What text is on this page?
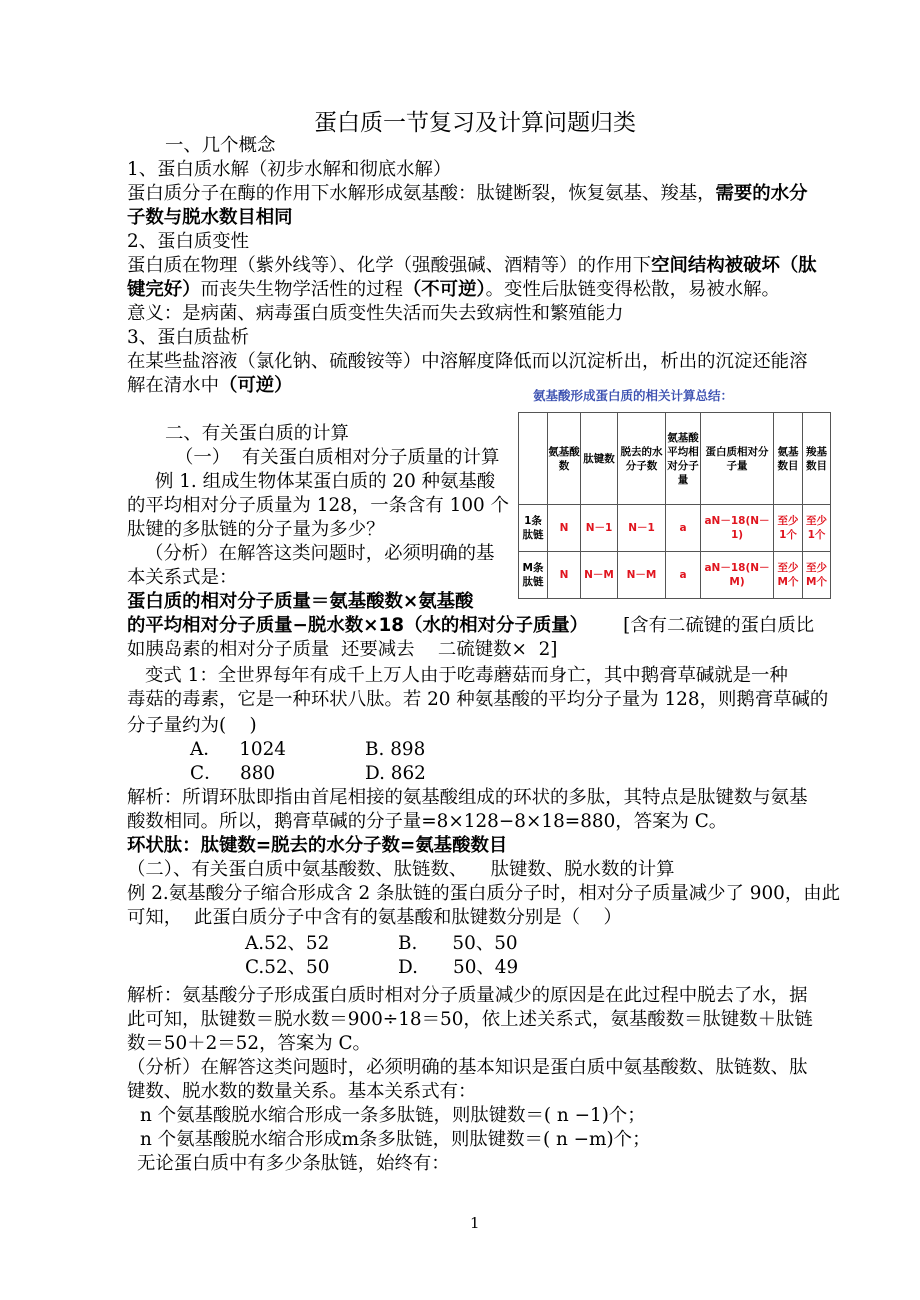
蛋白质一节复习及计算问题归类
一、几个概念
1、蛋白质水解（初步水解和彻底水解）
蛋白质分子在酶的作用下水解形成氨基酸：肽键断裂，恢复氨基、羧基，需要的水分
子数与脱水数目相同
2、蛋白质变性
蛋白质在物理（紫外线等）、化学（强酸强碱、酒精等）的作用下空间结构被破坏（肽
键完好）而丧失生物学活性的过程（不可逆）。变性后肽链变得松散，易被水解。
意义：是病菌、病毒蛋白质变性失活而失去致病性和繁殖能力
3、蛋白质盐析
在某些盐溶液（氯化钠、硫酸铵等）中溶解度降低而以沉淀析出，析出的沉淀还能溶
解在清水中（可逆）
二、有关蛋白质的计算
（一）  有关蛋白质相对分子质量的计算
例 1. 组成生物体某蛋白质的 20 种氨基酸
的平均相对分子质量为 128，一条含有 100 个
肽键的多肽链的分子量为多少？
（分析）在解答这类问题时，必须明确的基
本关系式是：
蛋白质的相对分子质量＝氨基酸数×氨基酸
的平均相对分子质量−脱水数×18（水的相对分子质量）      [含有二硫键的蛋白质比
如胰岛素的相对分子质量  还要减去    二硫键数×  2]
变式 1：全世界每年有成千上万人由于吃毒蘑菇而身亡，其中鹅膏草碱就是一种
毒菇的毒素，它是一种环状八肽。若 20 种氨基酸的平均分子量为 128，则鹅膏草碱的
分子量约为(    )
A．   1024	B. 898
C．   880	D. 862
解析：所谓环肽即指由首尾相接的氨基酸组成的环状的多肽，其特点是肽键数与氨基
酸数相同。所以，鹅膏草碱的分子量=8×128−8×18=880，答案为 C。
环状肽：肽键数=脱去的水分子数=氨基酸数目
（二）、有关蛋白质中氨基酸数、肽链数、    肽键数、脱水数的计算
例 2.氨基酸分子缩合形成含 2 条肽链的蛋白质分子时，相对分子质量减少了 900，由此
可知，  此蛋白质分子中含有的氨基酸和肽键数分别是（    ）
A.52、52	B.      50、50
C.52、50	D.      50、49
解析：氨基酸分子形成蛋白质时相对分子质量减少的原因是在此过程中脱去了水，据
此可知，肽键数＝脱水数＝900÷18＝50，依上述关系式，氨基酸数＝肽键数＋肽链
数＝50＋2＝52，答案为 C。
（分析）在解答这类问题时，必须明确的基本知识是蛋白质中氨基酸数、肽链数、肽
键数、脱水数的数量关系。基本关系式有：
n 个氨基酸脱水缩合形成一条多肽链，则肽键数＝( n −1)个；
n 个氨基酸脱水缩合形成m条多肽链，则肽键数＝( n −m)个；
无论蛋白质中有多少条肽链，始终有：
氨基酸形成蛋白质的相关计算总结：
	氨基酸数	肽键数	脱去的水分子数	氨基酸平均相对分子量	蛋白质相对分子量	氨基数目	羧基数目
1条肽链	N	N－1	N－1	a	aN－18(N－1)	至少1个	至少1个
M条肽链	N	N－M	N－M	a	aN－18(N－M)	至少M个	至少M个
1
